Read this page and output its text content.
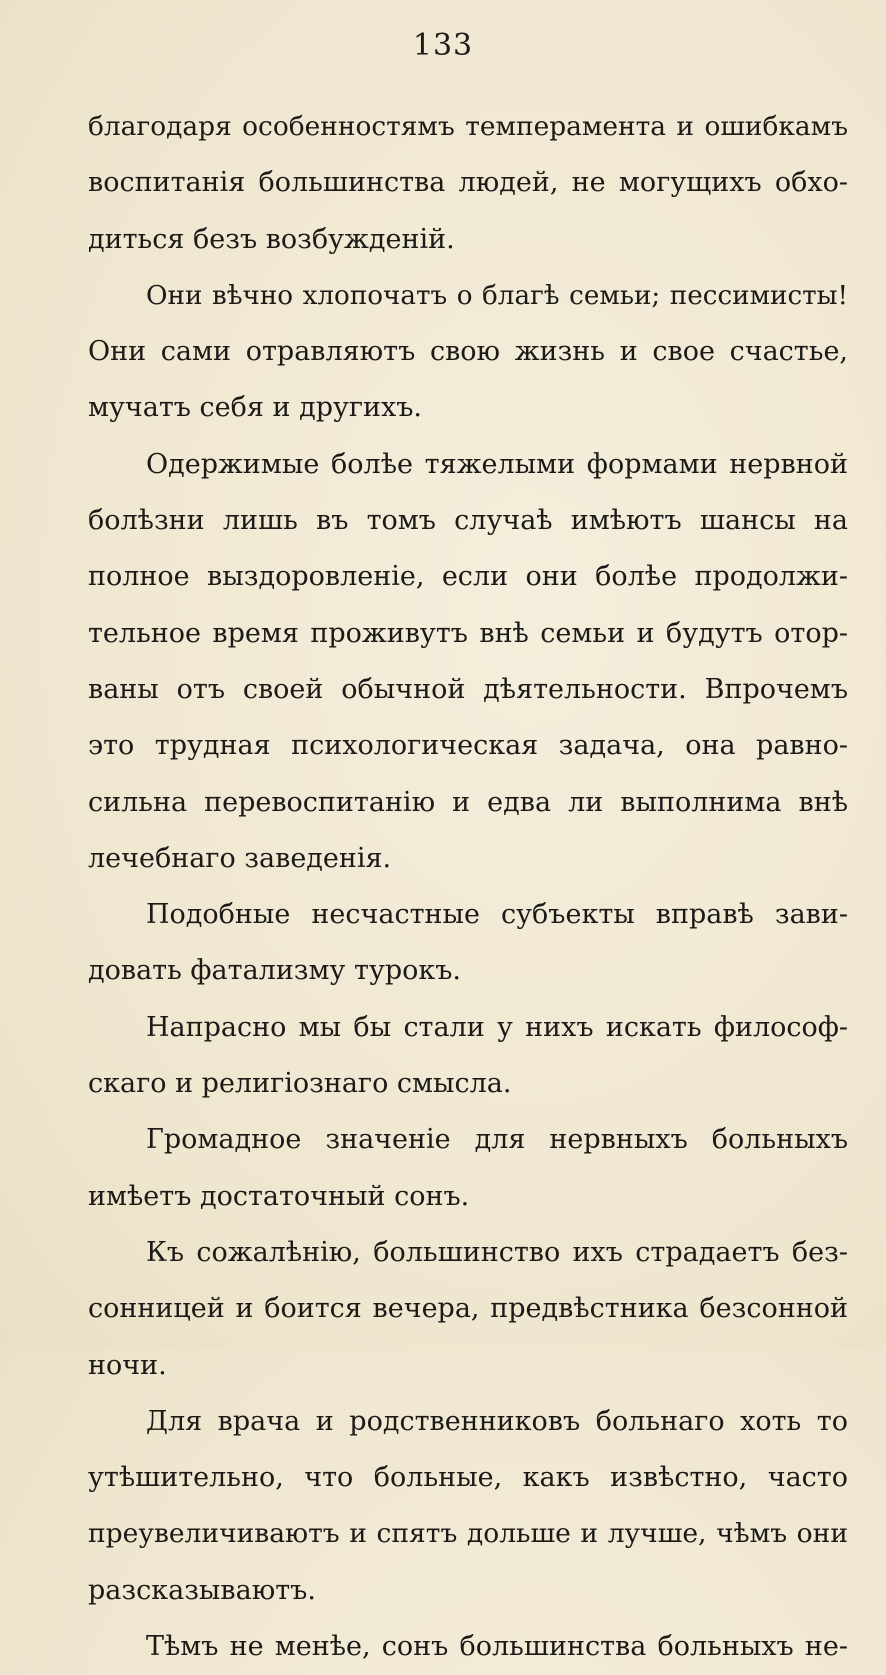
133
благодаря особенностямъ темперамента и ошибкамъ
воспитанія большинства людей, не могущихъ обхо-
диться безъ возбужденій.
Они вѣчно хлопочатъ о благѣ семьи; пессимисты!
Они сами отравляютъ свою жизнь и свое счастье,
мучатъ себя и другихъ.
Одержимые болѣе тяжелыми формами нервной
болѣзни лишь въ томъ случаѣ имѣютъ шансы на
полное выздоровленіе, если они болѣе продолжи-
тельное время проживутъ внѣ семьи и будутъ отор-
ваны отъ своей обычной дѣятельности. Впрочемъ
это трудная психологическая задача, она равно-
сильна перевоспитанію и едва ли выполнима внѣ
лечебнаго заведенія.
Подобные несчастные субъекты вправѣ зави-
довать фатализму турокъ.
Напрасно мы бы стали у нихъ искать философ-
скаго и религіознаго смысла.
Громадное значеніе для нервныхъ больныхъ
имѣетъ достаточный сонъ.
Къ сожалѣнію, большинство ихъ страдаетъ без-
сонницей и боится вечера, предвѣстника безсонной
ночи.
Для врача и родственниковъ больнаго хоть то
утѣшительно, что больные, какъ извѣстно, часто
преувеличиваютъ и спятъ дольше и лучше, чѣмъ они
разсказываютъ.
Тѣмъ не менѣе, сонъ большинства больныхъ не-
